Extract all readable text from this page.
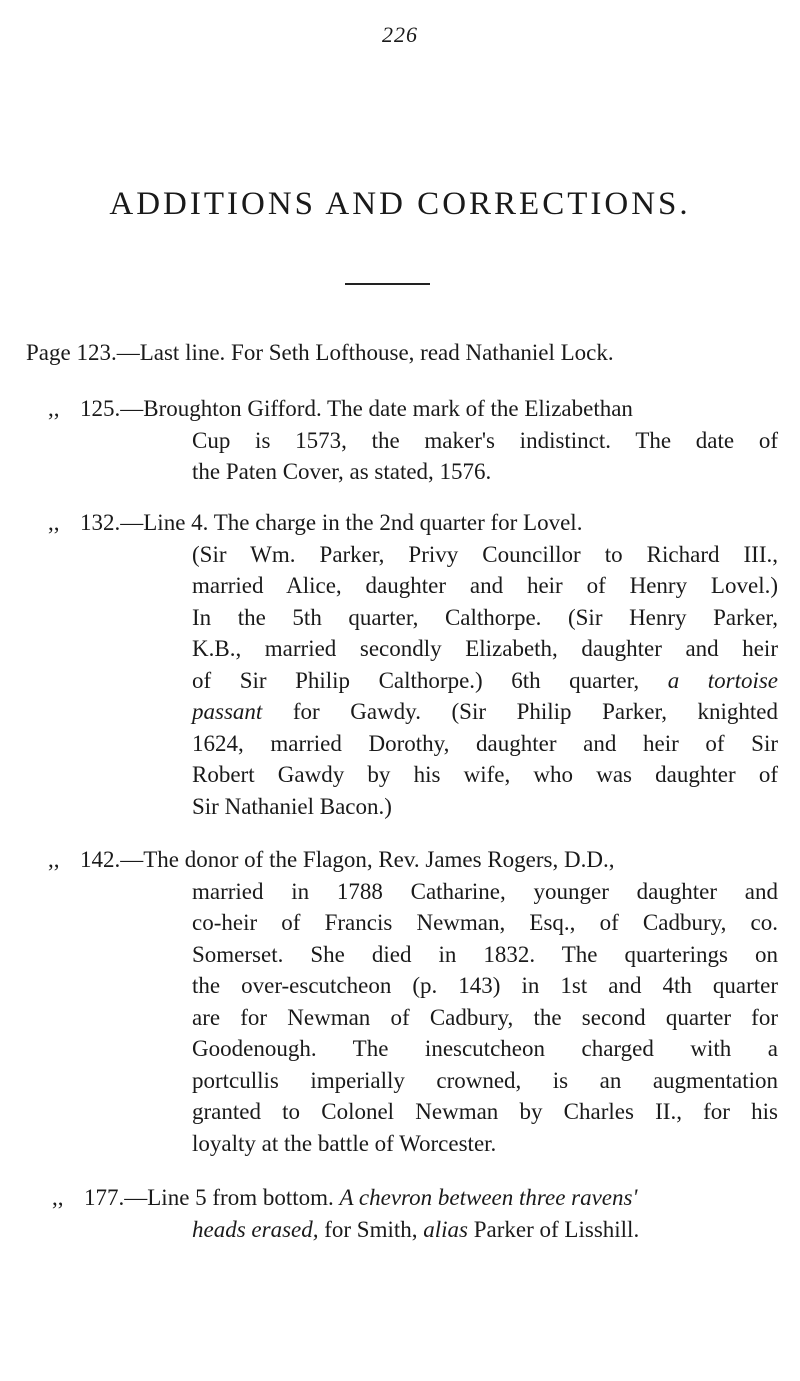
226
ADDITIONS AND CORRECTIONS.
Page 123.—Last line. For Seth Lofthouse, read Nathaniel Lock.
,, 125.—Broughton Gifford. The date mark of the Elizabethan
Cup is 1573, the maker's indistinct. The date of
the Paten Cover, as stated, 1576.
,, 132.—Line 4. The charge in the 2nd quarter for Lovel.
(Sir Wm. Parker, Privy Councillor to Richard III.,
married Alice, daughter and heir of Henry Lovel.)
In the 5th quarter, Calthorpe. (Sir Henry Parker,
K.B., married secondly Elizabeth, daughter and heir
of Sir Philip Calthorpe.) 6th quarter, a tortoise
passant for Gawdy. (Sir Philip Parker, knighted
1624, married Dorothy, daughter and heir of Sir
Robert Gawdy by his wife, who was daughter of
Sir Nathaniel Bacon.)
,, 142.—The donor of the Flagon, Rev. James Rogers, D.D.,
married in 1788 Catharine, younger daughter and
co-heir of Francis Newman, Esq., of Cadbury, co.
Somerset. She died in 1832. The quarterings on
the over-escutcheon (p. 143) in 1st and 4th quarter
are for Newman of Cadbury, the second quarter for
Goodenough. The inescutcheon charged with a
portcullis imperially crowned, is an augmentation
granted to Colonel Newman by Charles II., for his
loyalty at the battle of Worcester.
,, 177.—Line 5 from bottom. A chevron between three ravens'
heads erased, for Smith, alias Parker of Lisshill.
